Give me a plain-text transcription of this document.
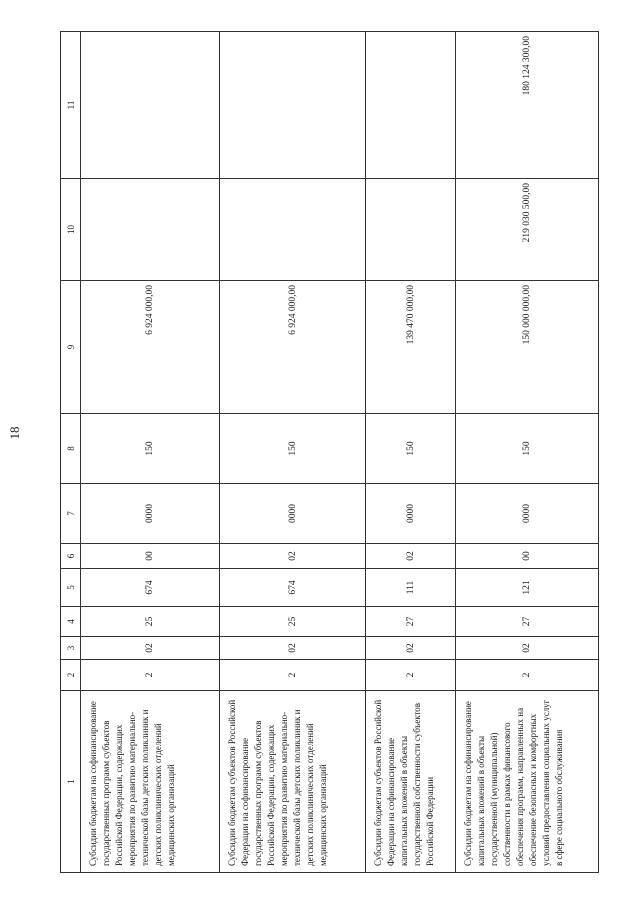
18
1	2	3	4	5	6	7	8	9	10	11
Субсидии бюджетам на софинансирование государственных программ субъектов Российской Федерации, содержащих мероприятия по развитию материально-технической базы детских поликлиник и детских поликлинических отделений медицинских организаций	2	02	25	674	00	0000	150	6 924 000,00		
Субсидии бюджетам субъектов Российской Федерации на софинансирование государственных программ субъектов Российской Федерации, содержащих мероприятия по развитию материально-технической базы детских поликлиник и детских поликлинических отделений медицинских организаций	2	02	25	674	02	0000	150	6 924 000,00		
Субсидии бюджетам субъектов Российской Федерации на софинансирование капитальных вложений в объекты государственной собственности субъектов Российской Федерации	2	02	27	111	02	0000	150	139 470 000,00		
Субсидии бюджетам на софинансирование капитальных вложений в объекты государственной (муниципальной) собственности в рамках финансового обеспечения программ, направленных на обеспечение безопасных и комфортных условий предоставления социальных услуг в сфере социального обслуживания	2	02	27	121	00	0000	150	150 000 000,00	219 030 500,00	180 124 300,00
